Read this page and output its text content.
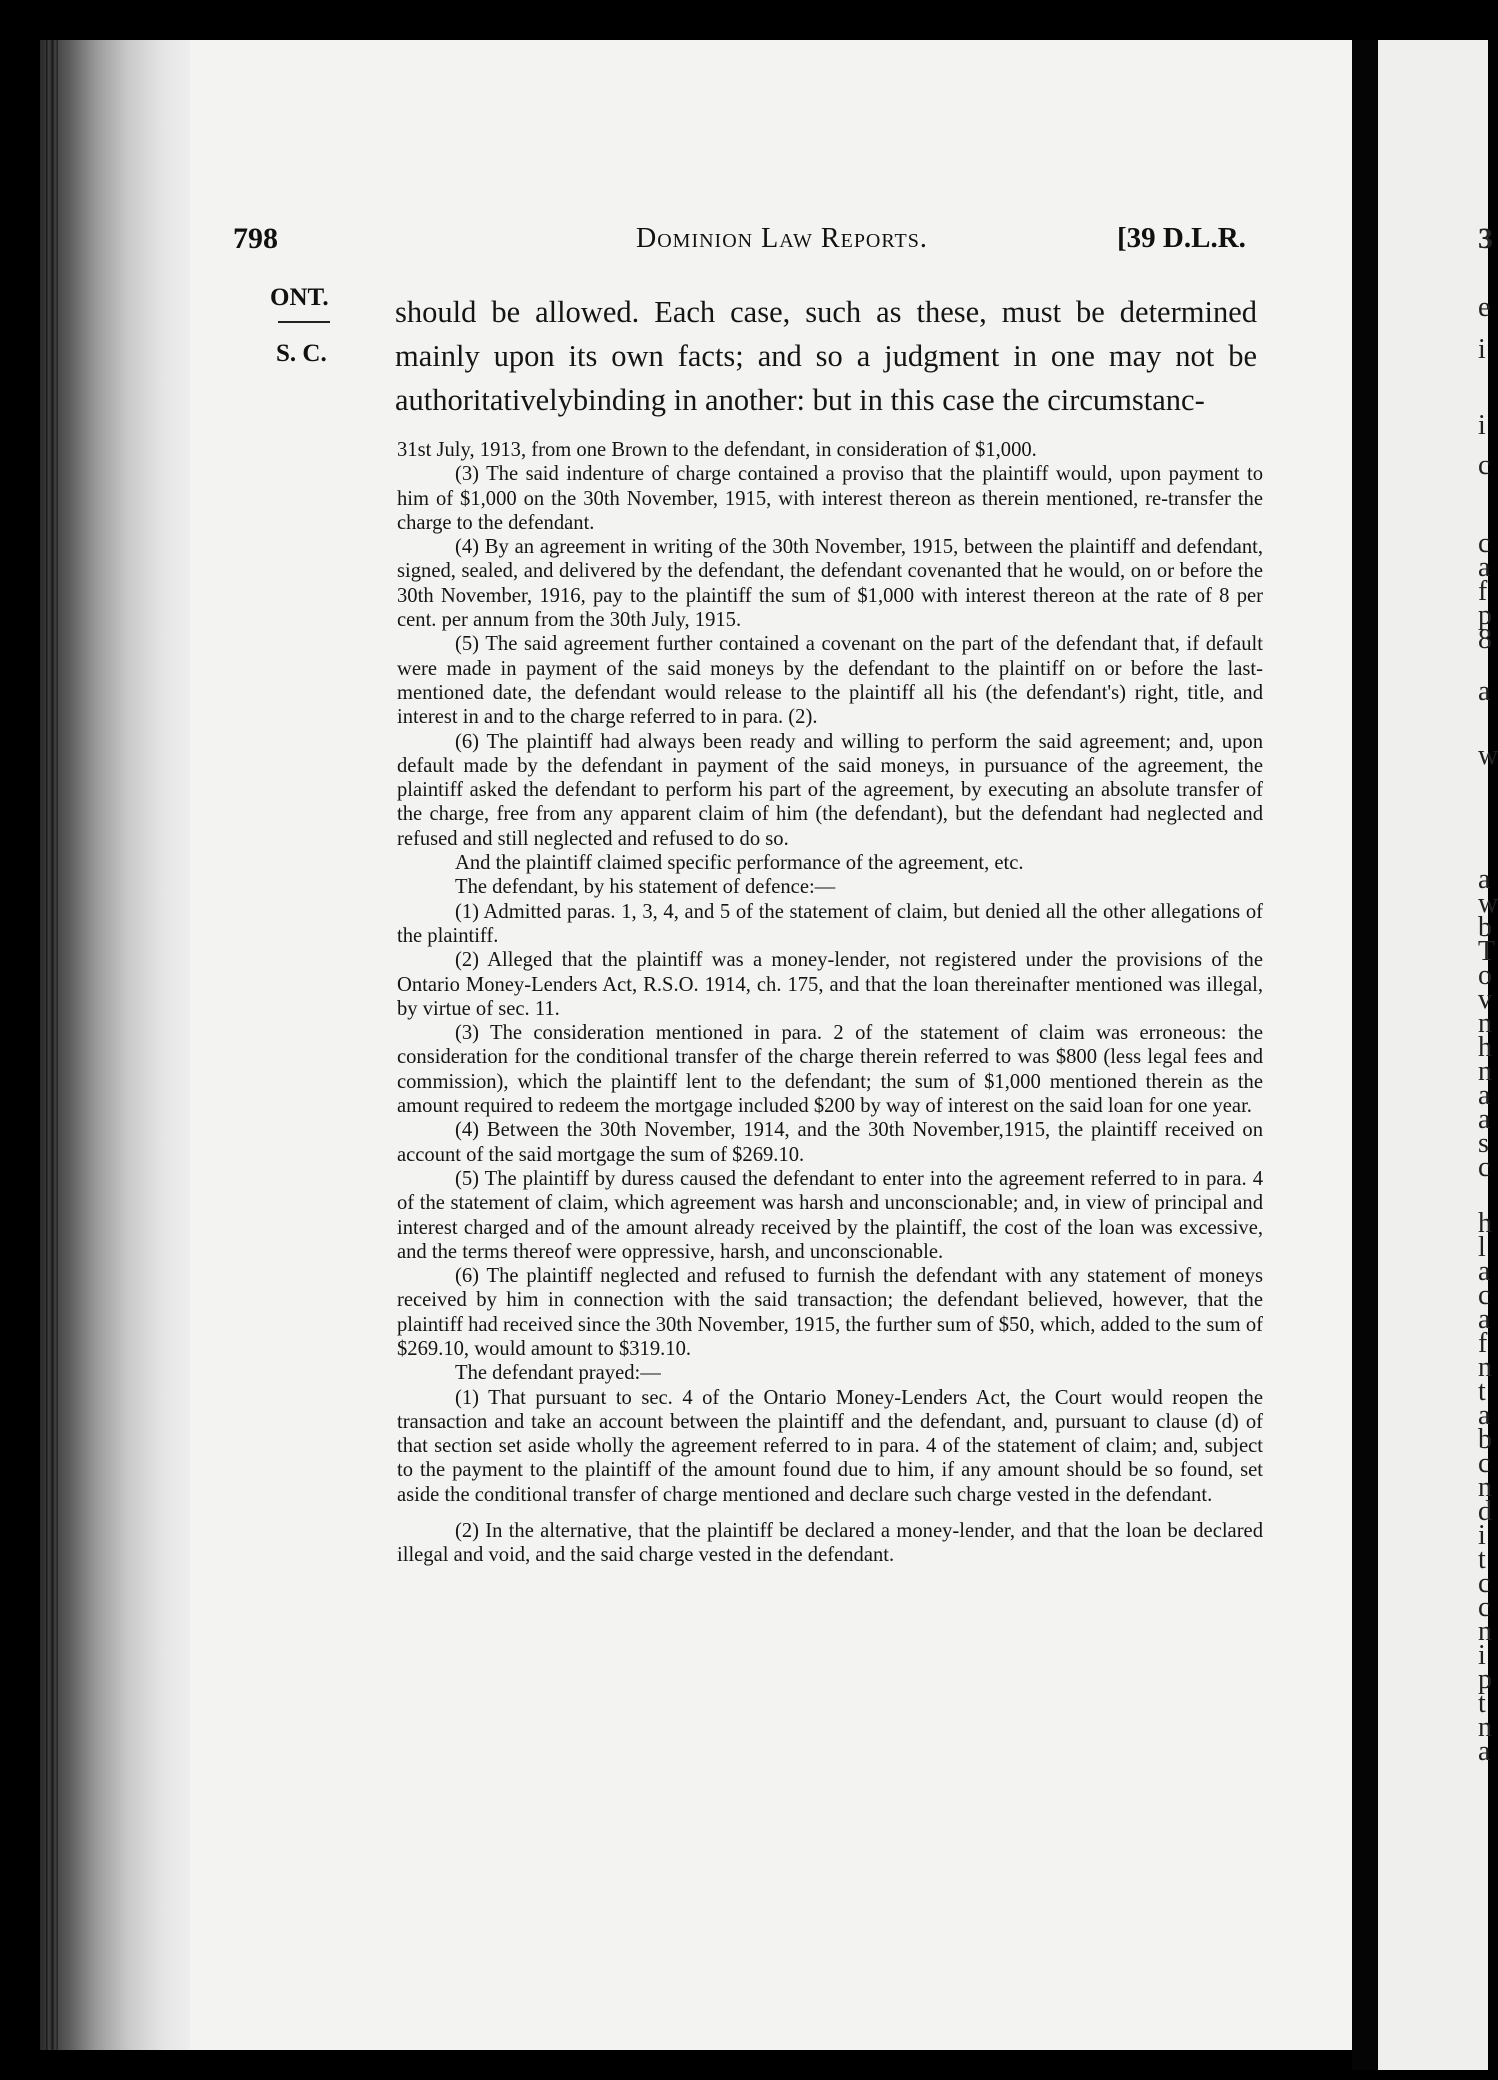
798	Dominion Law Reports.	[39 D.L.R.
ONT.
S. C.
should be allowed. Each case, such as these, must be determined mainly upon its own facts; and so a judgment in one may not be authoritativelybinding in another: but in this case the circumstanc-

31st July, 1913, from one Brown to the defendant, in consideration of $1,000.

(3) The said indenture of charge contained a proviso that the plaintiff would, upon payment to him of $1,000 on the 30th November, 1915, with interest thereon as therein mentioned, re-transfer the charge to the defendant.

(4) By an agreement in writing of the 30th November, 1915, between the plaintiff and defendant, signed, sealed, and delivered by the defendant, the defendant covenanted that he would, on or before the 30th November, 1916, pay to the plaintiff the sum of $1,000 with interest thereon at the rate of 8 per cent. per annum from the 30th July, 1915.

(5) The said agreement further contained a covenant on the part of the defendant that, if default were made in payment of the said moneys by the defendant to the plaintiff on or before the last-mentioned date, the defendant would release to the plaintiff all his (the defendant's) right, title, and interest in and to the charge referred to in para. (2).

(6) The plaintiff had always been ready and willing to perform the said agreement; and, upon default made by the defendant in payment of the said moneys, in pursuance of the agreement, the plaintiff asked the defendant to perform his part of the agreement, by executing an absolute transfer of the charge, free from any apparent claim of him (the defendant), but the defendant had neglected and refused and still neglected and refused to do so.

And the plaintiff claimed specific performance of the agreement, etc.

The defendant, by his statement of defence:—

(1) Admitted paras. 1, 3, 4, and 5 of the statement of claim, but denied all the other allegations of the plaintiff.

(2) Alleged that the plaintiff was a money-lender, not registered under the provisions of the Ontario Money-Lenders Act, R.S.O. 1914, ch. 175, and that the loan thereinafter mentioned was illegal, by virtue of sec. 11.

(3) The consideration mentioned in para. 2 of the statement of claim was erroneous: the consideration for the conditional transfer of the charge therein referred to was $800 (less legal fees and commission), which the plaintiff lent to the defendant; the sum of $1,000 mentioned therein as the amount required to redeem the mortgage included $200 by way of interest on the said loan for one year.

(4) Between the 30th November, 1914, and the 30th November,1915, the plaintiff received on account of the said mortgage the sum of $269.10.

(5) The plaintiff by duress caused the defendant to enter into the agreement referred to in para. 4 of the statement of claim, which agreement was harsh and unconscionable; and, in view of principal and interest charged and of the amount already received by the plaintiff, the cost of the loan was excessive, and the terms thereof were oppressive, harsh, and unconscionable.

(6) The plaintiff neglected and refused to furnish the defendant with any statement of moneys received by him in connection with the said transaction; the defendant believed, however, that the plaintiff had received since the 30th November, 1915, the further sum of $50, which, added to the sum of $269.10, would amount to $319.10.

The defendant prayed:—

(1) That pursuant to sec. 4 of the Ontario Money-Lenders Act, the Court would reopen the transaction and take an account between the plaintiff and the defendant, and, pursuant to clause (d) of that section set aside wholly the agreement referred to in para. 4 of the statement of claim; and, subject to the payment to the plaintiff of the amount found due to him, if any amount should be so found, set aside the conditional transfer of charge mentioned and declare such charge vested in the defendant.

(2) In the alternative, that the plaintiff be declared a money-lender, and that the loan be declared illegal and void, and the said charge vested in the defendant.

3
e
i
i
c
c
a
f
p
8
a
w
a
w
b
T
o
v
n
h
n
a
a
s
c
h
l
a
c
a
f
n
t
a
b
c
n
d
i
t
c
c
n
i
p
t
n
a
